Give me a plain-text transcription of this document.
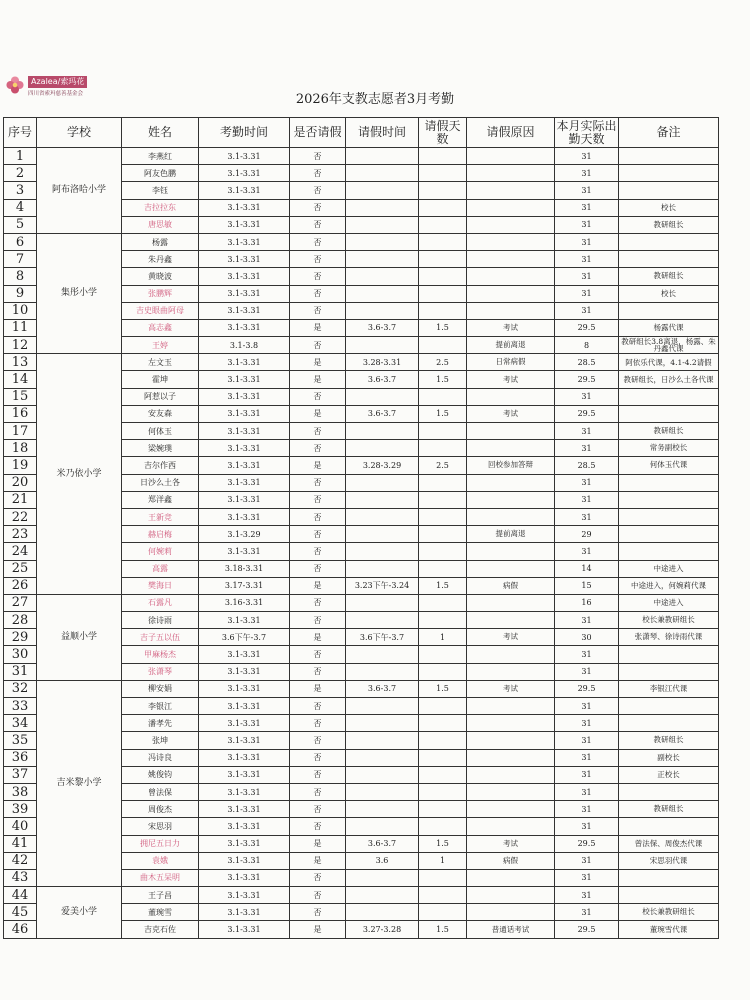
Azalea/索玛花
四川省索玛慈善基金会	2026年支教志愿者3月考勤
序号	学校	姓名	考勤时间	是否请假	请假时间	请假天数	请假原因	本月实际出勤天数	备注
1	阿布洛哈小学	李燕红	3.1-3.31	否				31	
2		阿友色鹏	3.1-3.31	否				31	
3		李钰	3.1-3.31	否				31	
4		吉拉拉东	3.1-3.31	否				31	校长
5		唐思敏	3.1-3.31	否				31	教研组长
6	集彤小学	杨露	3.1-3.31	否				31	
7		朱丹鑫	3.1-3.31	否				31	
8		黄晓波	3.1-3.31	否				31	教研组长
9		张鹏辉	3.1-3.31	否				31	校长
10		吉史眼曲阿母	3.1-3.31	否				31	
11		高志鑫	3.1-3.31	是	3.6-3.7	1.5	考试	29.5	杨露代课
12		王婷	3.1-3.8	否			提前离退	8	教研组长3.8离退，杨露、朱丹鑫代课
13	米乃依小学	左文玉	3.1-3.31	是	3.28-3.31	2.5	日常病假	28.5	阿依乐代课，4.1-4.2请假
14		霍坤	3.1-3.31	是	3.6-3.7	1.5	考试	29.5	教研组长，日沙么土各代课
15		阿惹以子	3.1-3.31	否				31	
16		安友森	3.1-3.31	是	3.6-3.7	1.5	考试	29.5	
17		何体玉	3.1-3.31	否				31	教研组长
18		梁婉璞	3.1-3.31	否				31	常务副校长
19		吉尔作西	3.1-3.31	是	3.28-3.29	2.5	回校参加答辩	28.5	何体玉代课
20		日沙么土各	3.1-3.31	否				31	
21		郑洋鑫	3.1-3.31	否				31	
22		王新竞	3.1-3.31	否				31	
23		赫启梅	3.1-3.29	否			提前离退	29	
24		何婉莉	3.1-3.31	否				31	
25		高露	3.18-3.31	否				14	中途进入
26		樊海日	3.17-3.31	是	3.23下午-3.24	1.5	病假	15	中途进入，何婉莉代课
27	益顺小学	石露凡	3.16-3.31	否				16	中途进入
28		徐诗雨	3.1-3.31	否				31	校长兼教研组长
29		吉子五以伍	3.6下午-3.7	是	3.6下午-3.7	1	考试	30	张潇琴、徐诗雨代课
30		甲麻杨杰	3.1-3.31	否				31	
31		张潇琴	3.1-3.31	否				31	
32	吉米黎小学	柳安娟	3.1-3.31	是	3.6-3.7	1.5	考试	29.5	李银江代课
33		李银江	3.1-3.31	否				31	
34		潘孝先	3.1-3.31	否				31	
35		张坤	3.1-3.31	否				31	教研组长
36		冯诗良	3.1-3.31	否				31	副校长
37		姚俊钧	3.1-3.31	否				31	正校长
38		曾法保	3.1-3.31	否				31	
39		周俊杰	3.1-3.31	否				31	教研组长
40		宋思羽	3.1-3.31	否				31	
41		拥尼五日力	3.1-3.31	是	3.6-3.7	1.5	考试	29.5	曾法保、周俊杰代课
42		袁娥	3.1-3.31	是	3.6	1	病假	31	宋思羽代课
43		曲木五呆明	3.1-3.31	否				31	
44	爱美小学	王子昌	3.1-3.31	否				31	
45		董琬雪	3.1-3.31	否				31	校长兼教研组长
46		吉克石佐	3.1-3.31	是	3.27-3.28	1.5	普通话考试	29.5	董琬雪代课
